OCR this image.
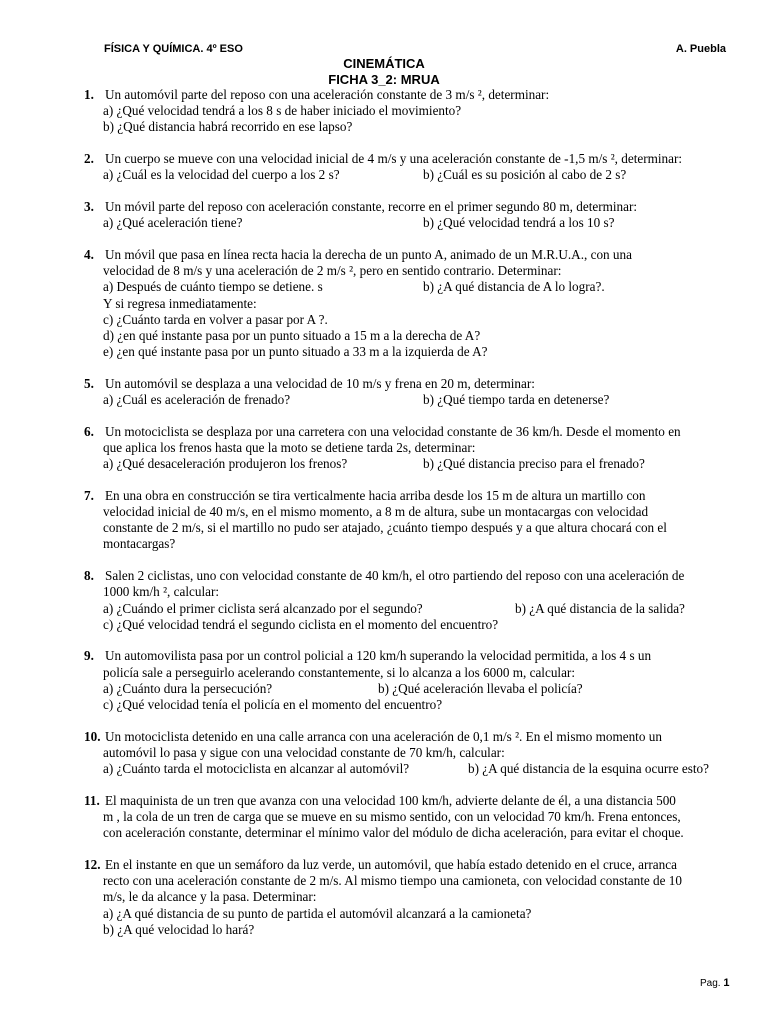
FÍSICA Y QUÍMICA. 4º ESO	A. Puebla
CINEMÁTICA
FICHA 3_2: MRUA
1. Un automóvil parte del reposo con una aceleración constante de 3 m/s ², determinar:
a) ¿Qué velocidad tendrá a los 8 s de haber iniciado el movimiento?
b) ¿Qué distancia habrá recorrido en ese lapso?
2. Un cuerpo se mueve con una velocidad inicial de 4 m/s y una aceleración constante de -1,5 m/s ², determinar:
a) ¿Cuál es la velocidad del cuerpo a los 2 s?	b) ¿Cuál es su posición al cabo de 2 s?
3. Un móvil parte del reposo con aceleración constante, recorre en el primer segundo 80 m, determinar:
a) ¿Qué aceleración tiene?	b) ¿Qué velocidad tendrá a los 10 s?
4. Un móvil que pasa en línea recta hacia la derecha de un punto A, animado de un M.R.U.A., con una
velocidad de 8 m/s y una aceleración de 2 m/s ², pero en sentido contrario. Determinar:
a) Después de cuánto tiempo se detiene. s	b) ¿A qué distancia de A lo logra?.
Y si regresa inmediatamente:
c) ¿Cuánto tarda en volver a pasar por A ?.
d) ¿en qué instante pasa por un punto situado a 15 m a la derecha de A?
e) ¿en qué instante pasa por un punto situado a 33 m a la izquierda de A?
5. Un automóvil se desplaza a una velocidad de 10 m/s y frena en 20 m, determinar:
a) ¿Cuál es aceleración de frenado?	b) ¿Qué tiempo tarda en detenerse?
6. Un motociclista se desplaza por una carretera con una velocidad constante de 36 km/h. Desde el momento en
que aplica los frenos hasta que la moto se detiene tarda 2s, determinar:
a) ¿Qué desaceleración produjeron los frenos?	b) ¿Qué distancia preciso para el frenado?
7. En una obra en construcción se tira verticalmente hacia arriba desde los 15 m de altura un martillo con
velocidad inicial de 40 m/s, en el mismo momento, a 8 m de altura, sube un montacargas con velocidad
constante de 2 m/s, si el martillo no pudo ser atajado, ¿cuánto tiempo después y a que altura chocará con el
montacargas?
8. Salen 2 ciclistas, uno con velocidad constante de 40 km/h, el otro partiendo del reposo con una aceleración de
1000 km/h ², calcular:
a) ¿Cuándo el primer ciclista será alcanzado por el segundo?	b) ¿A qué distancia de la salida?
c) ¿Qué velocidad tendrá el segundo ciclista en el momento del encuentro?
9. Un automovilista pasa por un control policial a 120 km/h superando la velocidad permitida, a los 4 s un
policía sale a perseguirlo acelerando constantemente, si lo alcanza a los 6000 m, calcular:
a) ¿Cuánto dura la persecución?	b) ¿Qué aceleración llevaba el policía?
c) ¿Qué velocidad tenía el policía en el momento del encuentro?
10. Un motociclista detenido en una calle arranca con una aceleración de 0,1 m/s ². En el mismo momento un
automóvil lo pasa y sigue con una velocidad constante de 70 km/h, calcular:
a) ¿Cuánto tarda el motociclista en alcanzar al automóvil?	b) ¿A qué distancia de la esquina ocurre esto?
11. El maquinista de un tren que avanza con una velocidad 100 km/h, advierte delante de él, a una distancia 500
m , la cola de un tren de carga que se mueve en su mismo sentido, con un velocidad 70 km/h. Frena entonces,
con aceleración constante, determinar el mínimo valor del módulo de dicha aceleración, para evitar el choque.
12. En el instante en que un semáforo da luz verde, un automóvil, que había estado detenido en el cruce, arranca
recto con una aceleración constante de 2 m/s. Al mismo tiempo una camioneta, con velocidad constante de 10
m/s, le da alcance y la pasa. Determinar:
a) ¿A qué distancia de su punto de partida el automóvil alcanzará a la camioneta?
b) ¿A qué velocidad lo hará?
Pag. 1
